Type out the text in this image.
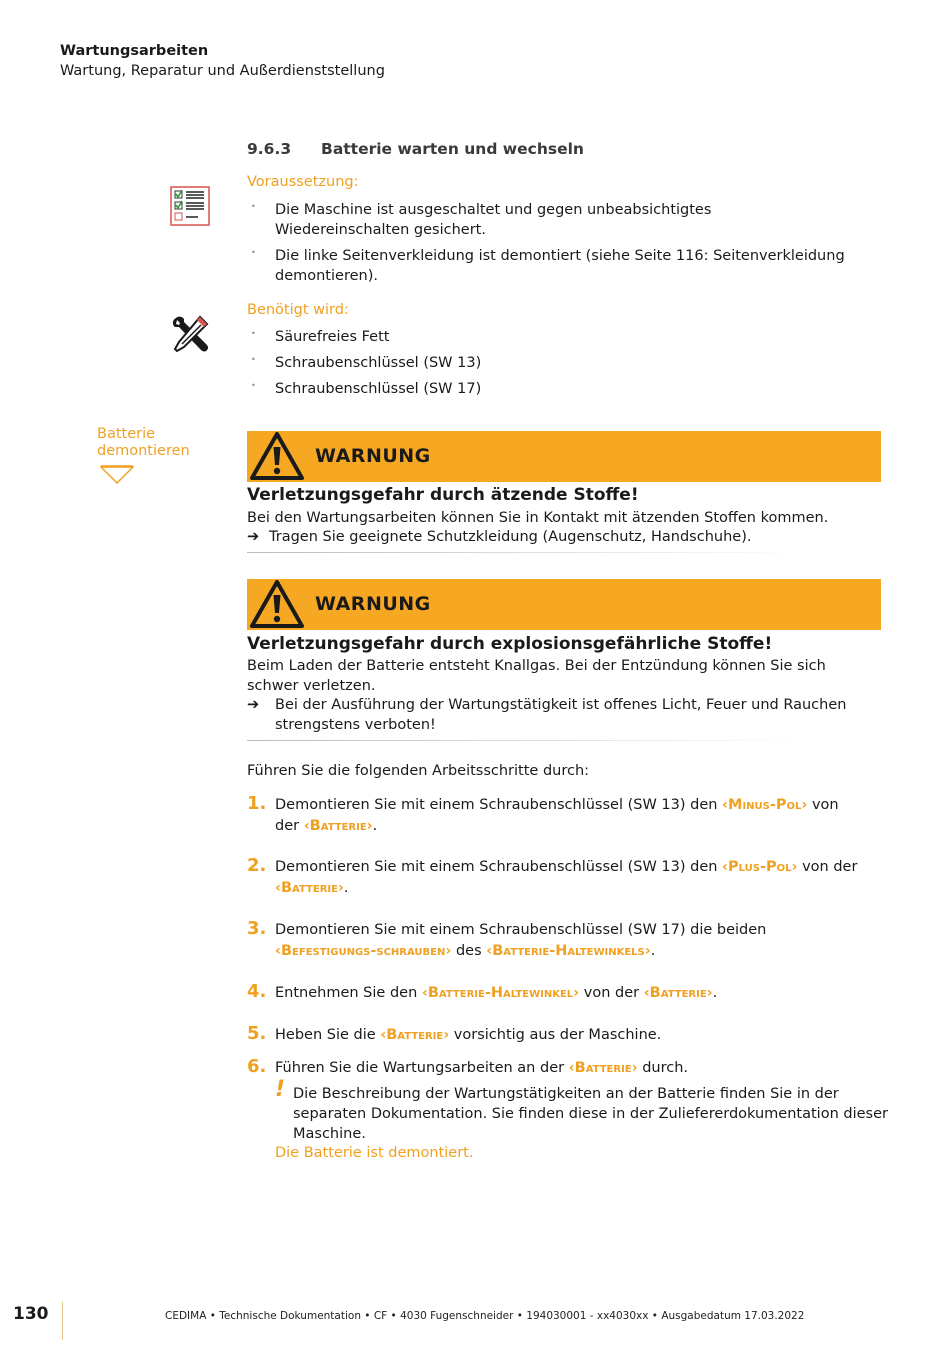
Wartungsarbeiten
Wartung, Reparatur und Außerdienststellung
9.6.3 Batterie warten und wechseln
Voraussetzung:
• Die Maschine ist ausgeschaltet und gegen unbeabsichtigtes Wiedereinschalten gesichert.
• Die linke Seitenverkleidung ist demontiert (siehe Seite 116: Seitenverkleidung demontieren).
Benötigt wird:
• Säurefreies Fett
• Schraubenschlüssel (SW 13)
• Schraubenschlüssel (SW 17)
Batterie
demontieren	WARNUNG
Verletzungsgefahr durch ätzende Stoffe!
Bei den Wartungsarbeiten können Sie in Kontakt mit ätzenden Stoffen kommen.
➔ Tragen Sie geeignete Schutzkleidung (Augenschutz, Handschuhe).
WARNUNG
Verletzungsgefahr durch explosionsgefährliche Stoffe!
Beim Laden der Batterie entsteht Knallgas. Bei der Entzündung können Sie sich schwer verletzen.
➔ Bei der Ausführung der Wartungstätigkeit ist offenes Licht, Feuer und Rauchen strengstens verboten!
Führen Sie die folgenden Arbeitsschritte durch:
1. Demontieren Sie mit einem Schraubenschlüssel (SW 13) den ‹Minus-Pol› von der ‹Batterie›.
2. Demontieren Sie mit einem Schraubenschlüssel (SW 13) den ‹Plus-Pol› von der ‹Batterie›.
3. Demontieren Sie mit einem Schraubenschlüssel (SW 17) die beiden ‹Befestigungs-schrauben› des ‹Batterie-Haltewinkels›.
4. Entnehmen Sie den ‹Batterie-Haltewinkel› von der ‹Batterie›.
5. Heben Sie die ‹Batterie› vorsichtig aus der Maschine.
6. Führen Sie die Wartungsarbeiten an der ‹Batterie› durch.
! Die Beschreibung der Wartungstätigkeiten an der Batterie finden Sie in der separaten Dokumentation. Sie finden diese in der Zuliefererdokumentation dieser Maschine.
Die Batterie ist demontiert.
130	CEDIMA • Technische Dokumentation • CF • 4030 Fugenschneider • 194030001 - xx4030xx • Ausgabedatum 17.03.2022
